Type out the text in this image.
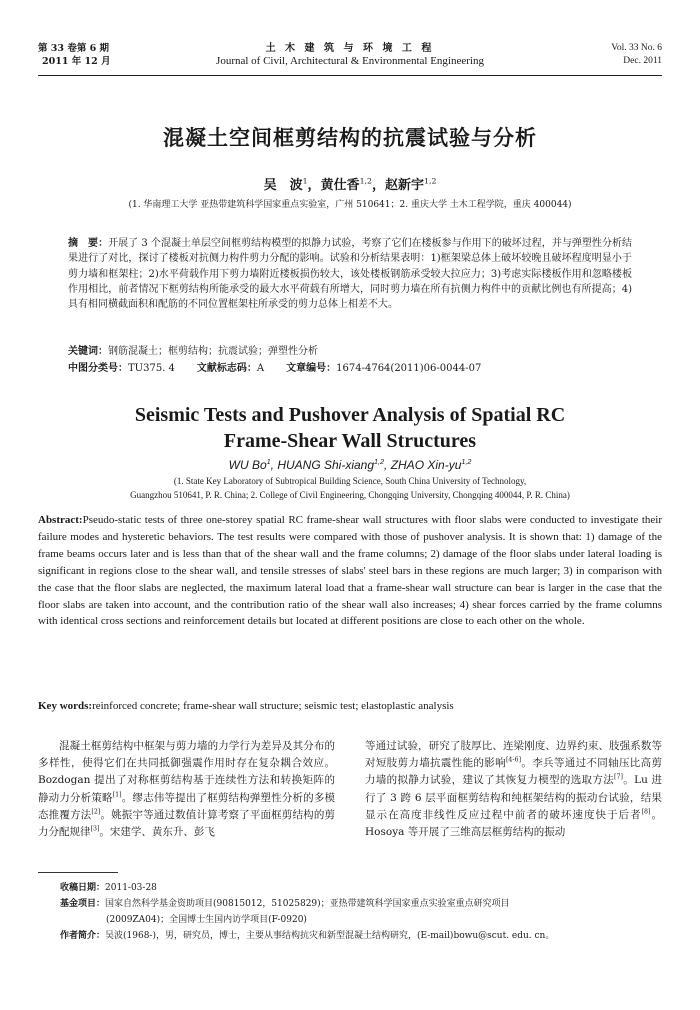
第 33 卷第 6 期
2011 年 12 月
土 木 建 筑 与 环 境 工 程
Journal of Civil, Architectural & Environmental Engineering
Vol. 33 No. 6
Dec. 2011
混凝土空间框剪结构的抗震试验与分析
吴　波$^1$，黄仕香$^{1,2}$，赵新宇$^{1,2}$
(1. 华南理工大学 亚热带建筑科学国家重点实验室，广州 510641；2. 重庆大学 土木工程学院，重庆 400044)
摘　要：开展了 3 个混凝土单层空间框剪结构模型的拟静力试验，考察了它们在楼板参与作用下的破坏过程，并与弹塑性分析结果进行了对比，探讨了楼板对抗侧力构件剪力分配的影响。试验和分析结果表明：1)框架梁总体上破坏较晚且破坏程度明显小于剪力墙和框架柱；2)水平荷载作用下剪力墙附近楼板损伤较大，该处楼板钢筋承受较大拉应力；3)考虑实际楼板作用和忽略楼板作用相比，前者情况下框剪结构所能承受的最大水平荷载有所增大，同时剪力墙在所有抗侧力构件中的贡献比例也有所提高；4)具有相同横截面积和配筋的不同位置框架柱所承受的剪力总体上相差不大。
关键词：钢筋混凝土；框剪结构；抗震试验；弹塑性分析
中图分类号：TU375. 4 文献标志码：A 文章编号：1674-4764(2011)06-0044-07
Seismic Tests and Pushover Analysis of Spatial RC
Frame-Shear Wall Structures
WU Bo$^1$, HUANG Shi-xiang$^{1,2}$, ZHAO Xin-yu$^{1,2}$
(1. State Key Laboratory of Subtropical Building Science, South China University of Technology,
Guangzhou 510641, P. R. China; 2. College of Civil Engineering, Chongqing University, Chongqing 400044, P. R. China)
Abstract:Pseudo-static tests of three one-storey spatial RC frame-shear wall structures with floor slabs were conducted to investigate their failure modes and hysteretic behaviors. The test results were compared with those of pushover analysis. It is shown that: 1) damage of the frame beams occurs later and is less than that of the shear wall and the frame columns; 2) damage of the floor slabs under lateral loading is significant in regions close to the shear wall, and tensile stresses of slabs' steel bars in these regions are much larger; 3) in comparison with the case that the floor slabs are neglected, the maximum lateral load that a frame-shear wall structure can bear is larger in the case that the floor slabs are taken into account, and the contribution ratio of the shear wall also increases; 4) shear forces carried by the frame columns with identical cross sections and reinforcement details but located at different positions are close to each other on the whole.
Key words:reinforced concrete; frame-shear wall structure; seismic test; elastoplastic analysis
混凝土框剪结构中框架与剪力墙的力学行为差异及其分布的多样性，使得它们在共同抵御强震作用时存在复杂耦合效应。Bozdogan 提出了对称框剪结构基于连续性方法和转换矩阵的静动力分析策略[1]。缪志伟等提出了框剪结构弹塑性分析的多模态推覆方法[2]。姚振宇等通过数值计算考察了平面框剪结构的剪力分配规律[3]。宋建学、黄东升、彭飞
等通过试验，研究了肢厚比、连梁刚度、边界约束、肢强系数等对短肢剪力墙抗震性能的影响[4-6]。李兵等通过不同轴压比高剪力墙的拟静力试验，建议了其恢复力模型的选取方法[7]。Lu 进行了 3 跨 6 层平面框剪结构和纯框架结构的振动台试验，结果显示在高度非线性反应过程中前者的破坏速度快于后者[8]。Hosoya 等开展了三维高层框剪结构的振动
收稿日期：2011-03-28
基金项目：国家自然科学基金资助项目(90815012，51025829)；亚热带建筑科学国家重点实验室重点研究项目
(2009ZA04)；全国博士生国内访学项目(F-0920)
作者简介：吴波(1968-)，男，研究员，博士，主要从事结构抗灾和新型混凝土结构研究，(E-mail)bowu@scut. edu. cn。
